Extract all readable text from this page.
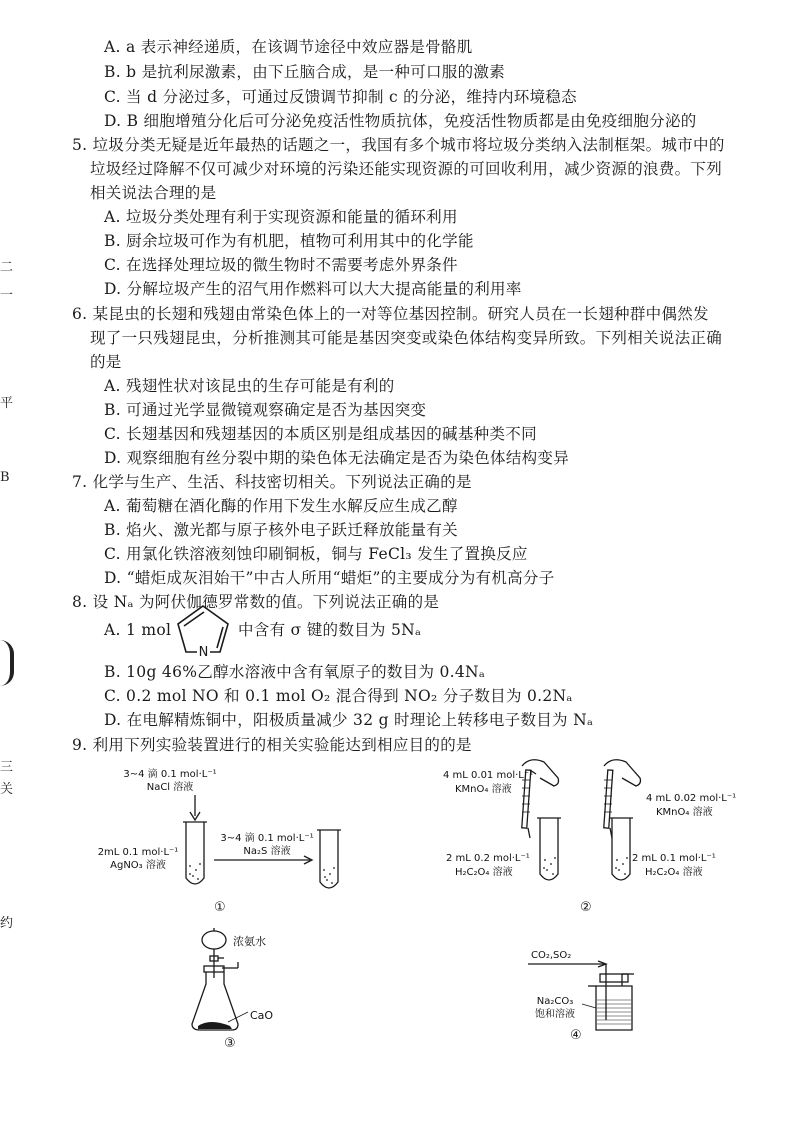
二
一
平
B
三
关
约
A. a 表示神经递质，在该调节途径中效应器是骨骼肌
B. b 是抗利尿激素，由下丘脑合成，是一种可口服的激素
C. 当 d 分泌过多，可通过反馈调节抑制 c 的分泌，维持内环境稳态
D. B 细胞增殖分化后可分泌免疫活性物质抗体，免疫活性物质都是由免疫细胞分泌的
5. 垃圾分类无疑是近年最热的话题之一，我国有多个城市将垃圾分类纳入法制框架。城市中的
垃圾经过降解不仅可减少对环境的污染还能实现资源的可回收利用，减少资源的浪费。下列
相关说法合理的是
A. 垃圾分类处理有利于实现资源和能量的循环利用
B. 厨余垃圾可作为有机肥，植物可利用其中的化学能
C. 在选择处理垃圾的微生物时不需要考虑外界条件
D. 分解垃圾产生的沼气用作燃料可以大大提高能量的利用率
6. 某昆虫的长翅和残翅由常染色体上的一对等位基因控制。研究人员在一长翅种群中偶然发
现了一只残翅昆虫，分析推测其可能是基因突变或染色体结构变异所致。下列相关说法正确
的是
A. 残翅性状对该昆虫的生存可能是有利的
B. 可通过光学显微镜观察确定是否为基因突变
C. 长翅基因和残翅基因的本质区别是组成基因的碱基种类不同
D. 观察细胞有丝分裂中期的染色体无法确定是否为染色体结构变异
7. 化学与生产、生活、科技密切相关。下列说法正确的是
A. 葡萄糖在酒化酶的作用下发生水解反应生成乙醇
B. 焰火、激光都与原子核外电子跃迁释放能量有关
C. 用氯化铁溶液刻蚀印刷铜板，铜与 FeCl₃ 发生了置换反应
D. “蜡炬成灰泪始干”中古人所用“蜡炬”的主要成分为有机高分子
8. 设 Nₐ 为阿伏伽德罗常数的值。下列说法正确的是
A. 1 mol
N
中含有 σ 键的数目为 5Nₐ
B. 10g 46%乙醇水溶液中含有氧原子的数目为 0.4Nₐ
C. 0.2 mol NO 和 0.1 mol O₂ 混合得到 NO₂ 分子数目为 0.2Nₐ
D. 在电解精炼铜中，阳极质量减少 32 g 时理论上转移电子数目为 Nₐ
9. 利用下列实验装置进行的相关实验能达到相应目的的是
3~4 滴 0.1 mol·L⁻¹
NaCl 溶液
2mL 0.1 mol·L⁻¹
AgNO₃ 溶液
3~4 滴 0.1 mol·L⁻¹
Na₂S 溶液
①
4 mL 0.01 mol·L⁻¹
KMnO₄ 溶液
2 mL 0.2 mol·L⁻¹
H₂C₂O₄ 溶液
4 mL 0.02 mol·L⁻¹
KMnO₄ 溶液
2 mL 0.1 mol·L⁻¹
H₂C₂O₄ 溶液
②
浓氨水
CaO
③
CO₂,SO₂
Na₂CO₃
饱和溶液
④
